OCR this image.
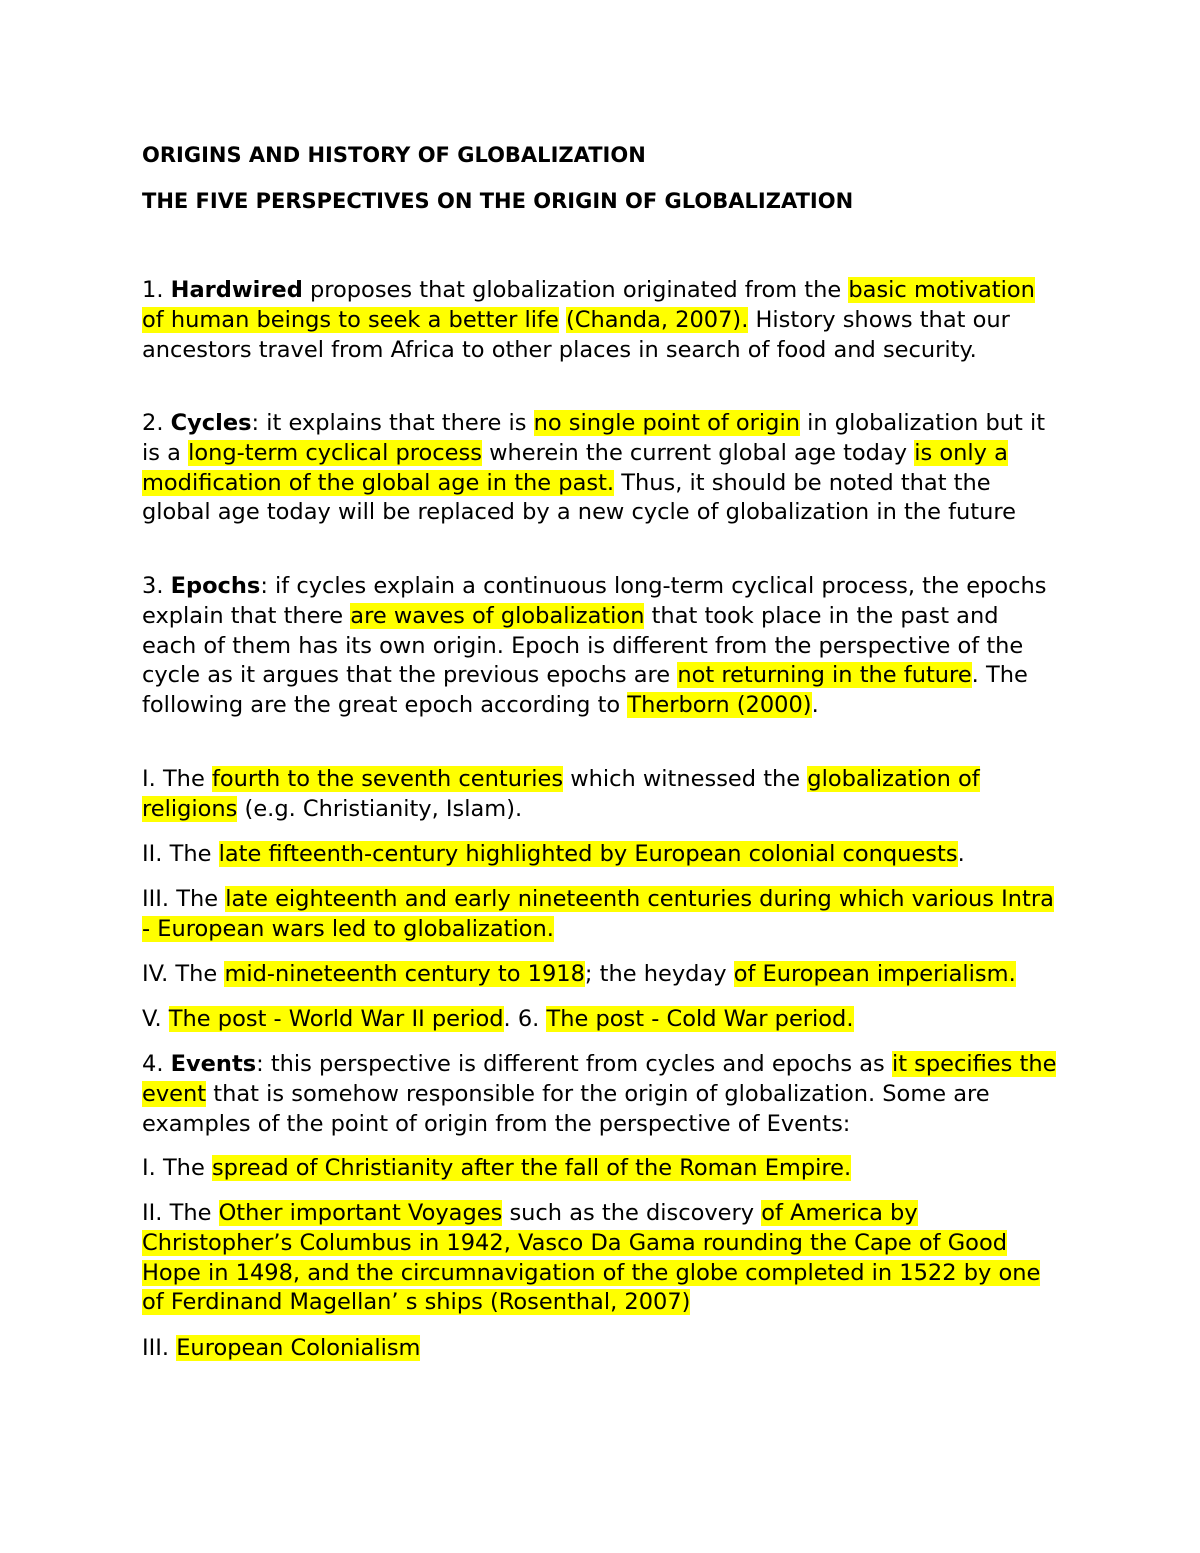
ORIGINS AND HISTORY OF GLOBALIZATION
THE FIVE PERSPECTIVES ON THE ORIGIN OF GLOBALIZATION

1. Hardwired proposes that globalization originated from the basic motivation of human beings to seek a better life (Chanda, 2007). History shows that our ancestors travel from Africa to other places in search of food and security.

2. Cycles: it explains that there is no single point of origin in globalization but it is a long-term cyclical process wherein the current global age today is only a modification of the global age in the past. Thus, it should be noted that the global age today will be replaced by a new cycle of globalization in the future

3. Epochs: if cycles explain a continuous long-term cyclical process, the epochs explain that there are waves of globalization that took place in the past and each of them has its own origin. Epoch is different from the perspective of the cycle as it argues that the previous epochs are not returning in the future. The following are the great epoch according to Therborn (2000).

I. The fourth to the seventh centuries which witnessed the globalization of religions (e.g. Christianity, Islam).

II. The late fifteenth-century highlighted by European colonial conquests.

III. The late eighteenth and early nineteenth centuries during which various Intra - European wars led to globalization.

IV. The mid-nineteenth century to 1918; the heyday of European imperialism.

V. The post - World War II period. 6. The post - Cold War period.

4. Events: this perspective is different from cycles and epochs as it specifies the event that is somehow responsible for the origin of globalization. Some are examples of the point of origin from the perspective of Events:

I. The spread of Christianity after the fall of the Roman Empire.

II. The Other important Voyages such as the discovery of America by Christopher’s Columbus in 1942, Vasco Da Gama rounding the Cape of Good Hope in 1498, and the circumnavigation of the globe completed in 1522 by one of Ferdinand Magellan’ s ships (Rosenthal, 2007)

III. European Colonialism
